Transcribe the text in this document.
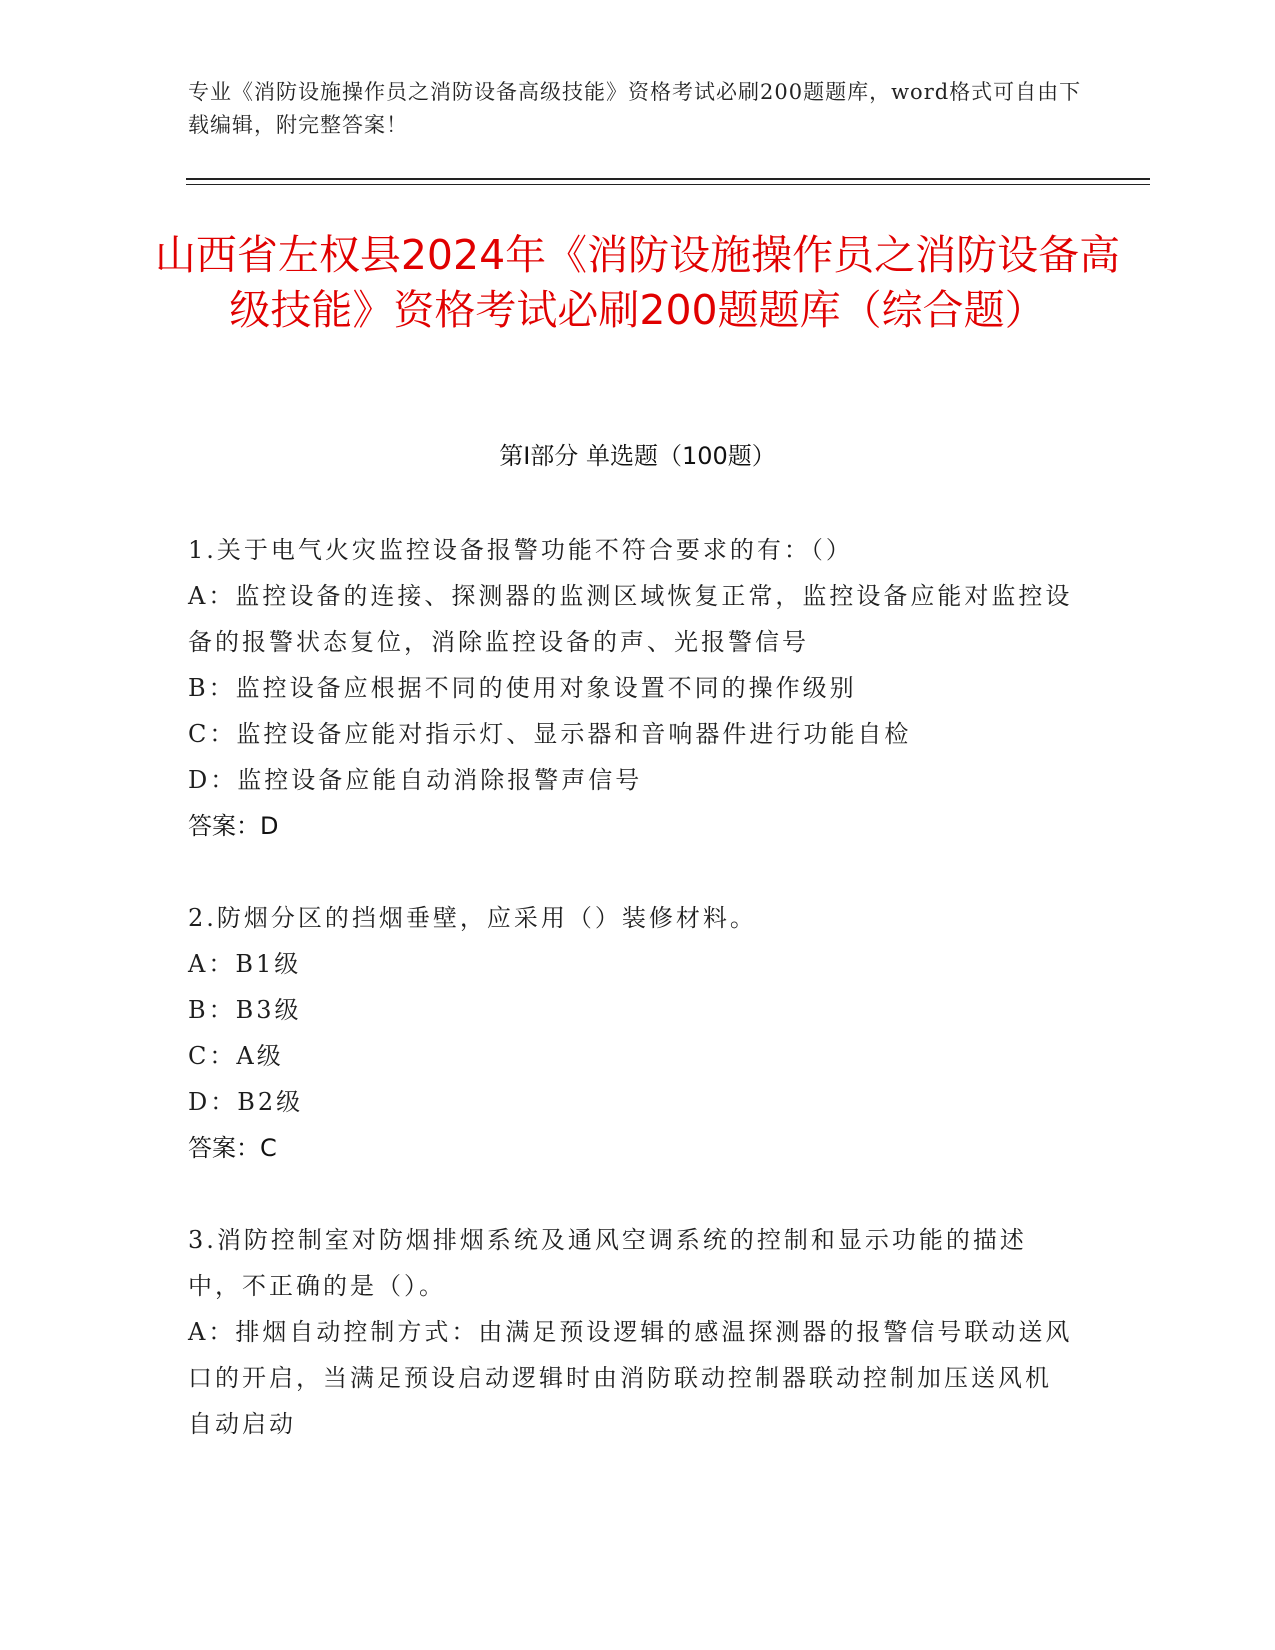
专业《消防设施操作员之消防设备高级技能》资格考试必刷200题题库，word格式可自由下载编辑，附完整答案！
山西省左权县2024年《消防设施操作员之消防设备高级技能》资格考试必刷200题题库（综合题）
第I部分 单选题（100题）
1.关于电气火灾监控设备报警功能不符合要求的有：（）
A：监控设备的连接、探测器的监测区域恢复正常，监控设备应能对监控设备的报警状态复位，消除监控设备的声、光报警信号
B：监控设备应根据不同的使用对象设置不同的操作级别
C：监控设备应能对指示灯、显示器和音响器件进行功能自检
D：监控设备应能自动消除报警声信号
答案：D
2.防烟分区的挡烟垂壁，应采用（）装修材料。
A：B1级
B：B3级
C：A级
D：B2级
答案：C
3.消防控制室对防烟排烟系统及通风空调系统的控制和显示功能的描述中，不正确的是（）。
A：排烟自动控制方式：由满足预设逻辑的感温探测器的报警信号联动送风口的开启，当满足预设启动逻辑时由消防联动控制器联动控制加压送风机自动启动
